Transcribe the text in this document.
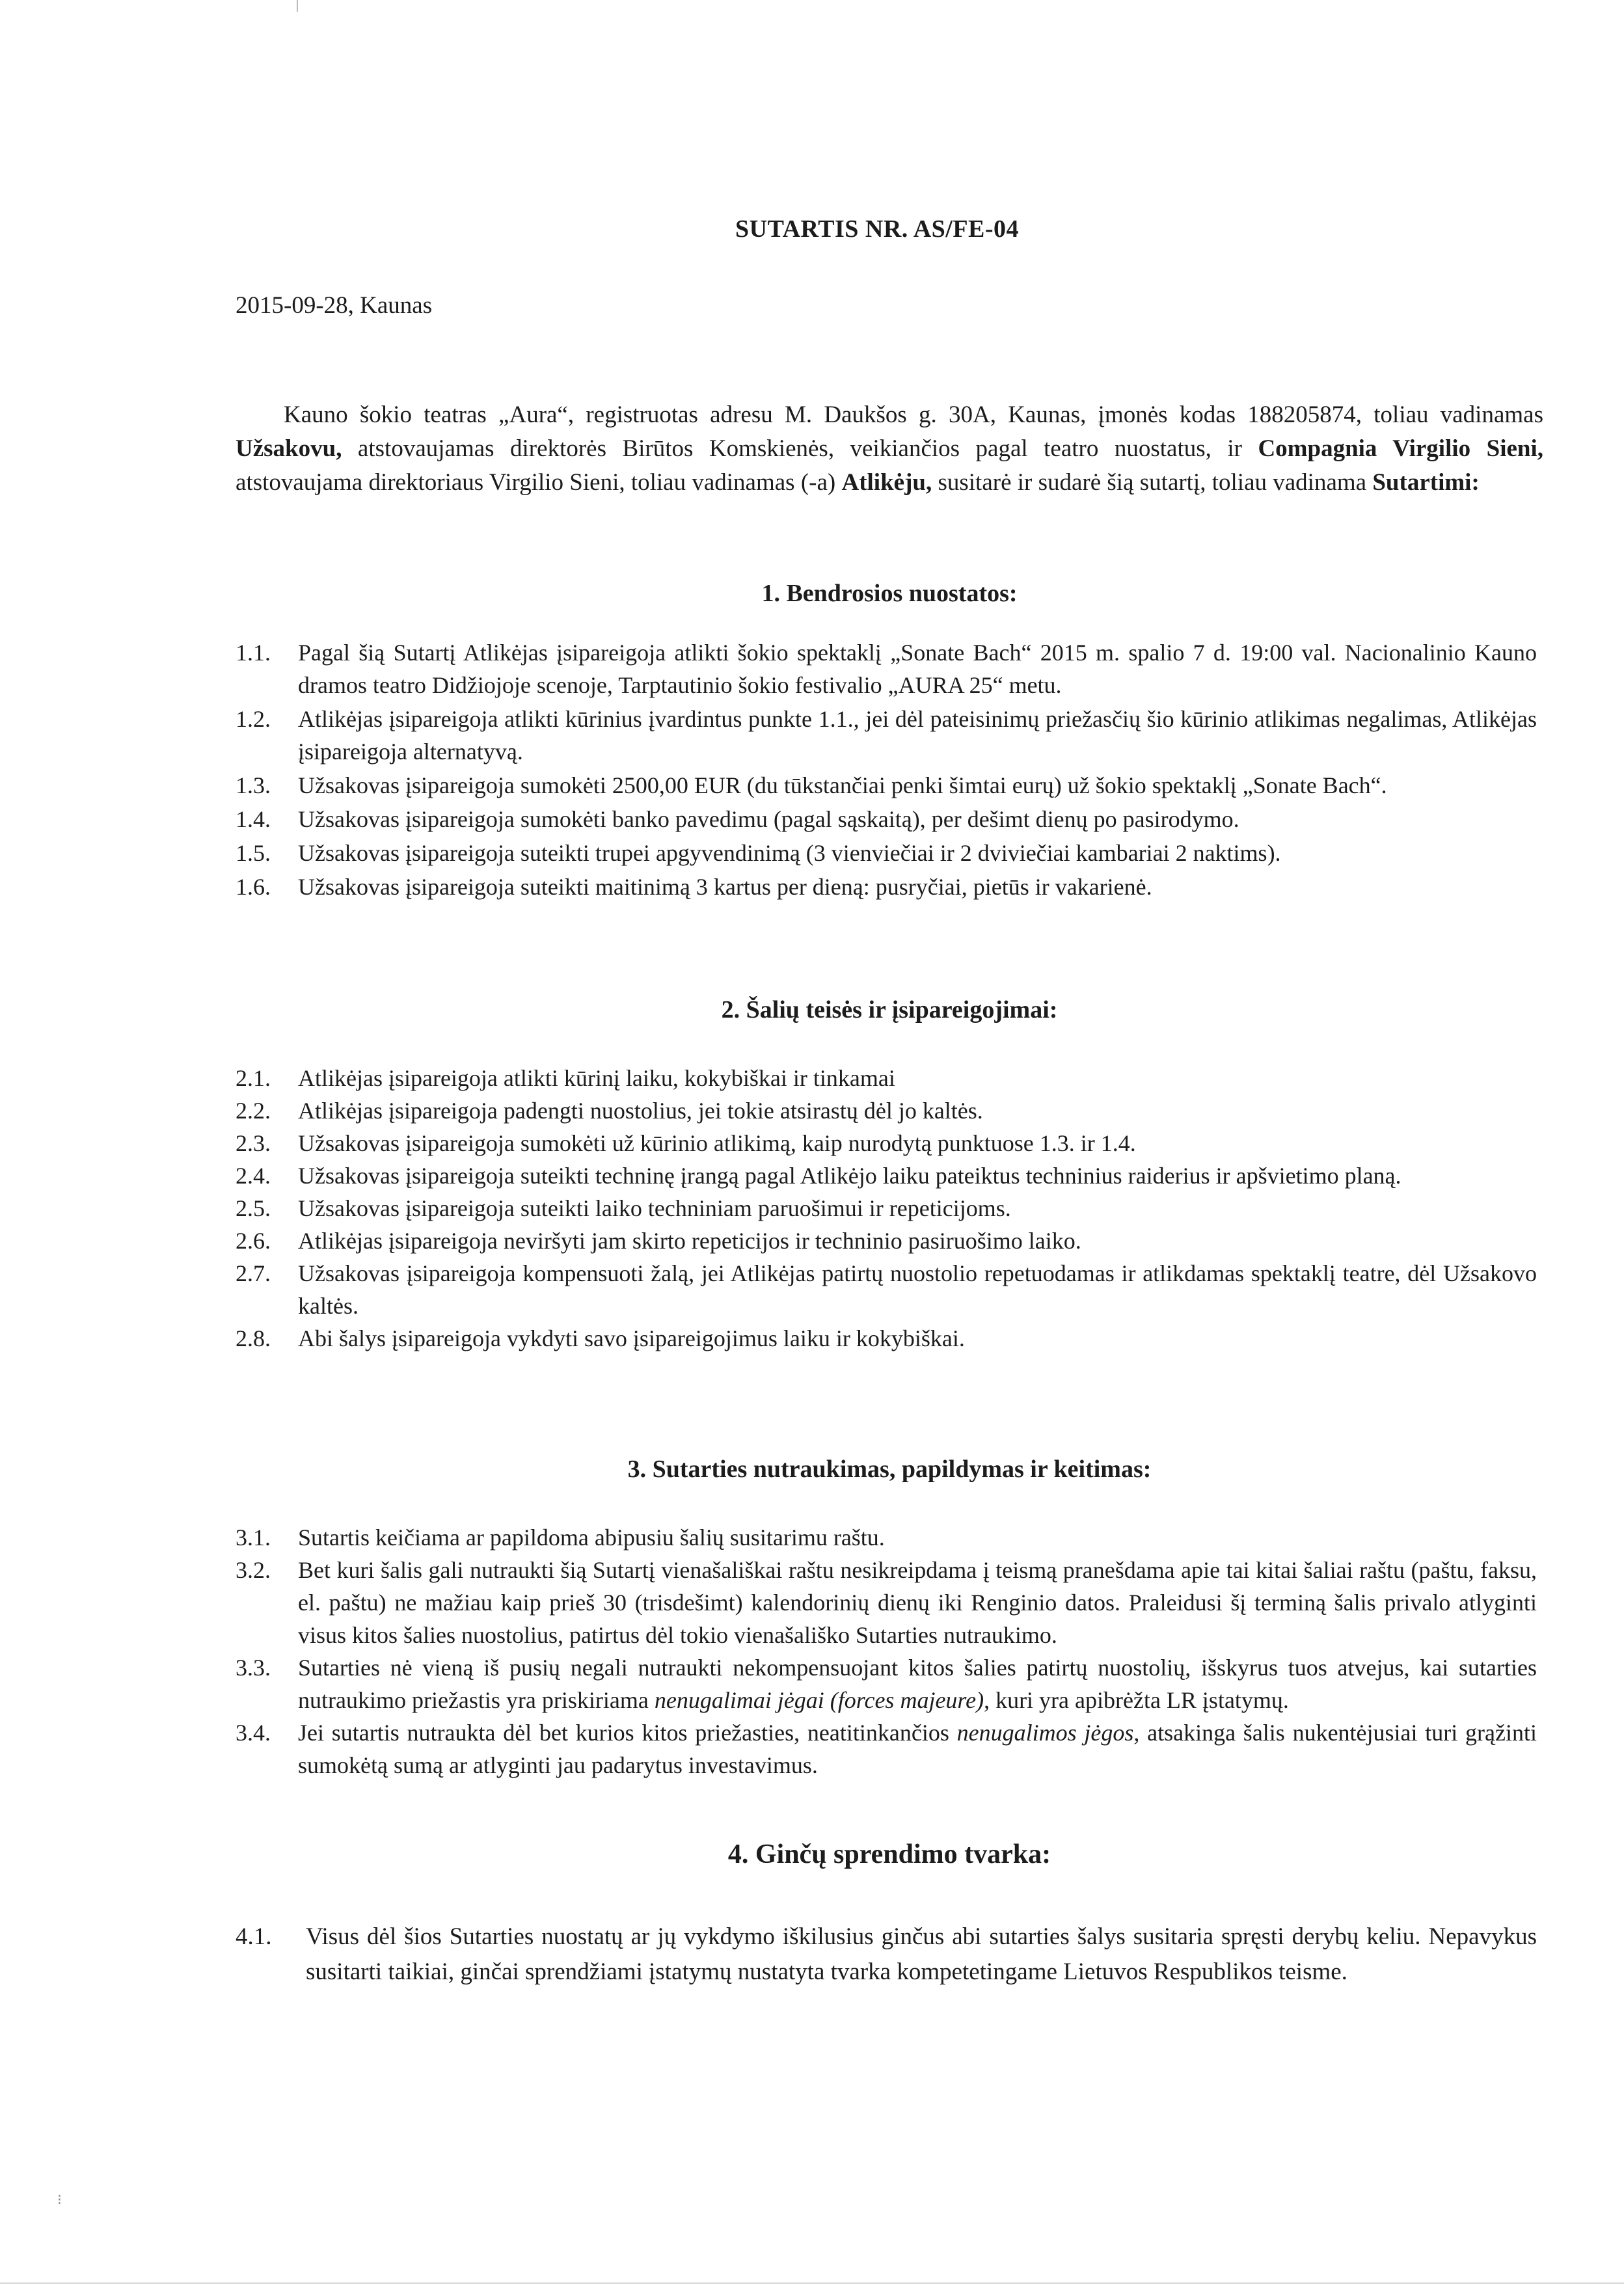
SUTARTIS NR. AS/FE-04
2015-09-28, Kaunas
Kauno šokio teatras „Aura“, registruotas adresu M. Daukšos g. 30A, Kaunas, įmonės kodas 188205874, toliau vadinamas Užsakovu, atstovaujamas direktorės Birūtos Komskienės, veikiančios pagal teatro nuostatus, ir Compagnia Virgilio Sieni, atstovaujama direktoriaus Virgilio Sieni, toliau vadinamas (-a) Atlikėju, susitarė ir sudarė šią sutartį, toliau vadinama Sutartimi:
1. Bendrosios nuostatos:
1.1. Pagal šią Sutartį Atlikėjas įsipareigoja atlikti šokio spektaklį „Sonate Bach“ 2015 m. spalio 7 d. 19:00 val. Nacionalinio Kauno dramos teatro Didžiojoje scenoje, Tarptautinio šokio festivalio „AURA 25“ metu.
1.2. Atlikėjas įsipareigoja atlikti kūrinius įvardintus punkte 1.1., jei dėl pateisinimų priežasčių šio kūrinio atlikimas negalimas, Atlikėjas įsipareigoja alternatyvą.
1.3. Užsakovas įsipareigoja sumokėti 2500,00 EUR (du tūkstančiai penki šimtai eurų) už šokio spektaklį „Sonate Bach“.
1.4. Užsakovas įsipareigoja sumokėti banko pavedimu (pagal sąskaitą), per dešimt dienų po pasirodymo.
1.5. Užsakovas įsipareigoja suteikti trupei apgyvendinimą (3 vienviečiai ir 2 dviviečiai kambariai 2 naktims).
1.6. Užsakovas įsipareigoja suteikti maitinimą 3 kartus per dieną: pusryčiai, pietūs ir vakarienė.
2. Šalių teisės ir įsipareigojimai:
2.1. Atlikėjas įsipareigoja atlikti kūrinį laiku, kokybiškai ir tinkamai
2.2. Atlikėjas įsipareigoja padengti nuostolius, jei tokie atsirastų dėl jo kaltės.
2.3. Užsakovas įsipareigoja sumokėti už kūrinio atlikimą, kaip nurodytą punktuose 1.3. ir 1.4.
2.4. Užsakovas įsipareigoja suteikti techninę įrangą pagal Atlikėjo laiku pateiktus techninius raiderius ir apšvietimo planą.
2.5. Užsakovas įsipareigoja suteikti laiko techniniam paruošimui ir repeticijoms.
2.6. Atlikėjas įsipareigoja neviršyti jam skirto repeticijos ir techninio pasiruošimo laiko.
2.7. Užsakovas įsipareigoja kompensuoti žalą, jei Atlikėjas patirtų nuostolio repetuodamas ir atlikdamas spektaklį teatre, dėl Užsakovo kaltės.
2.8. Abi šalys įsipareigoja vykdyti savo įsipareigojimus laiku ir kokybiškai.
3. Sutarties nutraukimas, papildymas ir keitimas:
3.1. Sutartis keičiama ar papildoma abipusiu šalių susitarimu raštu.
3.2. Bet kuri šalis gali nutraukti šią Sutartį vienašališkai raštu nesikreipdama į teismą pranešdama apie tai kitai šaliai raštu (paštu, faksu, el. paštu) ne mažiau kaip prieš 30 (trisdešimt) kalendorinių dienų iki Renginio datos. Praleidusi šį terminą šalis privalo atlyginti visus kitos šalies nuostolius, patirtus dėl tokio vienašališko Sutarties nutraukimo.
3.3. Sutarties nė vieną iš pusių negali nutraukti nekompensuojant kitos šalies patirtų nuostolių, išskyrus tuos atvejus, kai sutarties nutraukimo priežastis yra priskiriama nenugalimai jėgai (forces majeure), kuri yra apibrėžta LR įstatymų.
3.4. Jei sutartis nutraukta dėl bet kurios kitos priežasties, neatitinkančios nenugalimos jėgos, atsakinga šalis nukentėjusiai turi grąžinti sumokėtą sumą ar atlyginti jau padarytus investavimus.
4. Ginčų sprendimo tvarka:
4.1. Visus dėl šios Sutarties nuostatų ar jų vykdymo iškilusius ginčus abi sutarties šalys susitaria spręsti derybų keliu. Nepavykus susitarti taikiai, ginčai sprendžiami įstatymų nustatyta tvarka kompetetingame Lietuvos Respublikos teisme.
⁝
